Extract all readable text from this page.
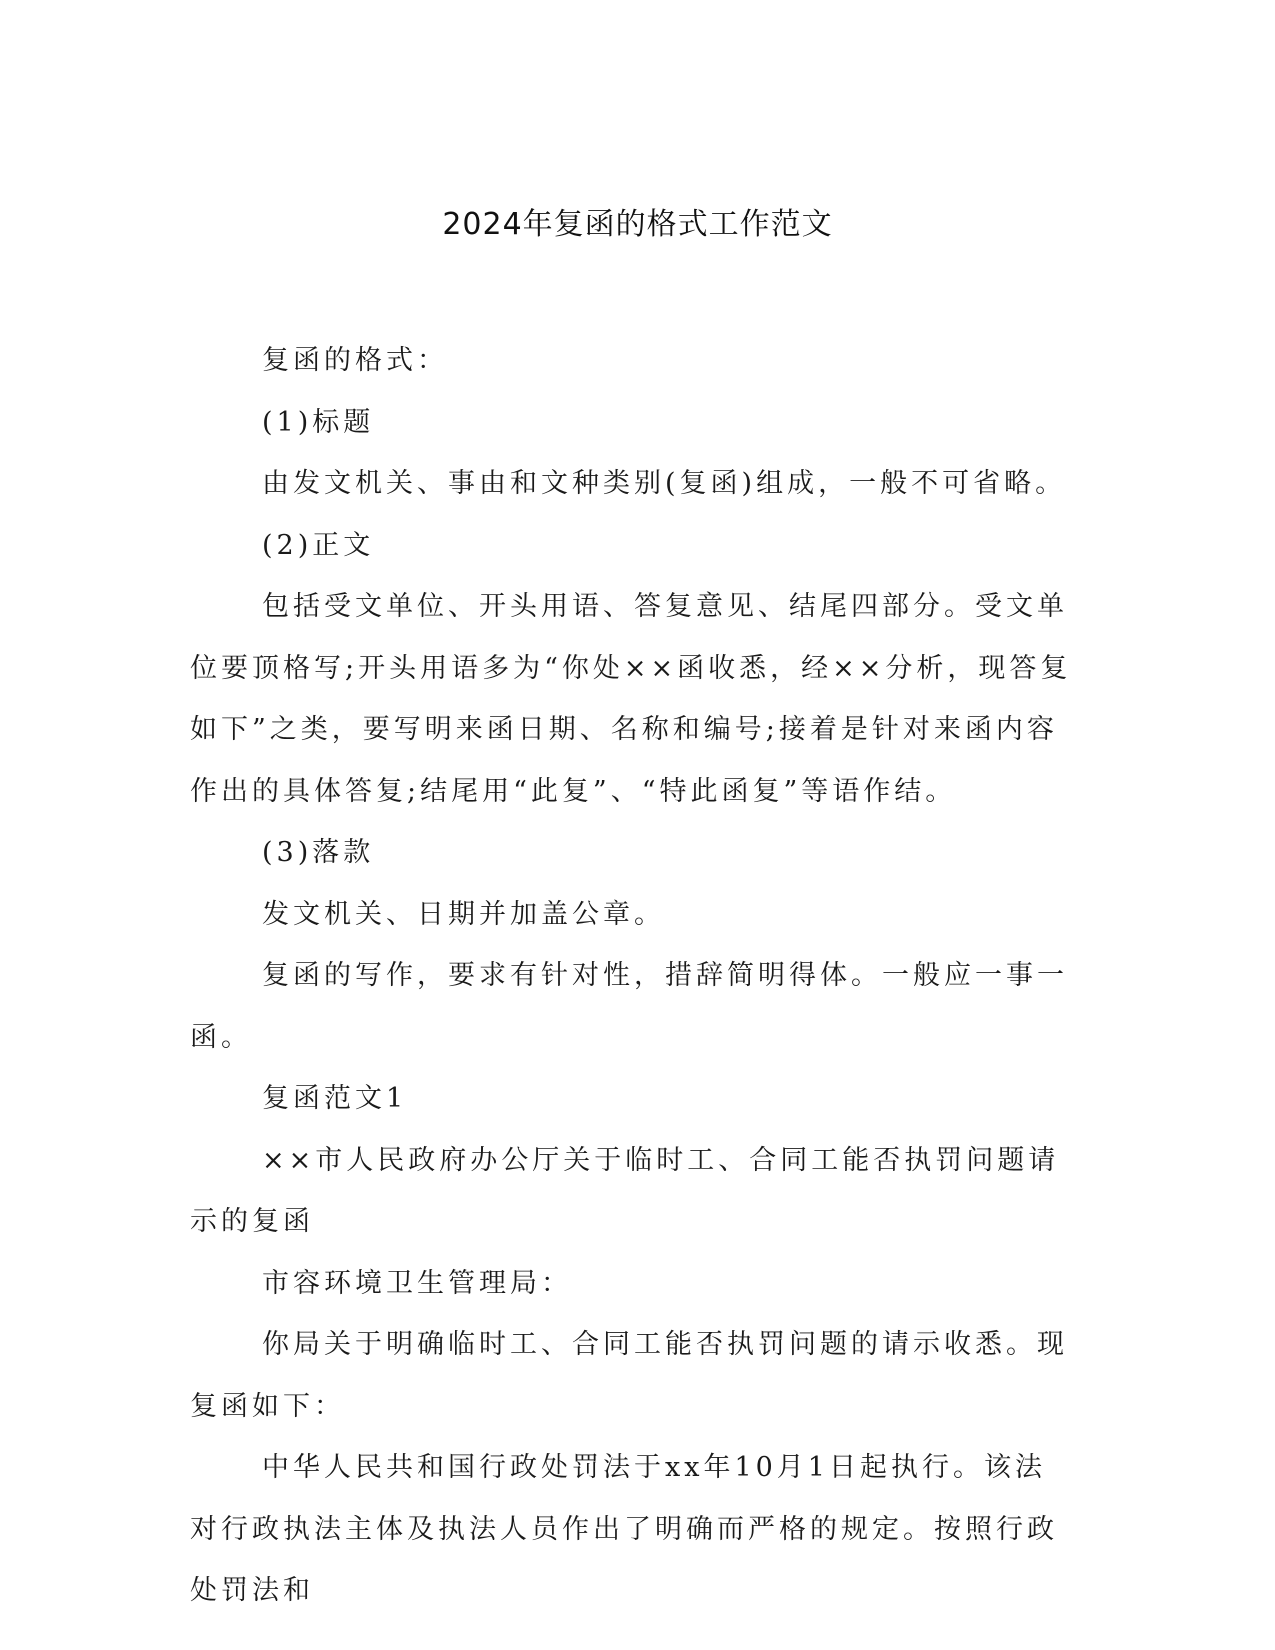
2024年复函的格式工作范文

复函的格式：

(1)标题

由发文机关、事由和文种类别(复函)组成，一般不可省略。

(2)正文

包括受文单位、开头用语、答复意见、结尾四部分。受文单位要顶格写;开头用语多为“你处××函收悉，经××分析，现答复如下”之类，要写明来函日期、名称和编号;接着是针对来函内容作出的具体答复;结尾用“此复”、“特此函复”等语作结。

(3)落款

发文机关、日期并加盖公章。

复函的写作，要求有针对性，措辞简明得体。一般应一事一函。

复函范文1

××市人民政府办公厅关于临时工、合同工能否执罚问题请示的复函

市容环境卫生管理局：

你局关于明确临时工、合同工能否执罚问题的请示收悉。现复函如下：

中华人民共和国行政处罚法于xx年10月1日起执行。该法对行政执法主体及执法人员作出了明确而严格的规定。按照行政处罚法和
